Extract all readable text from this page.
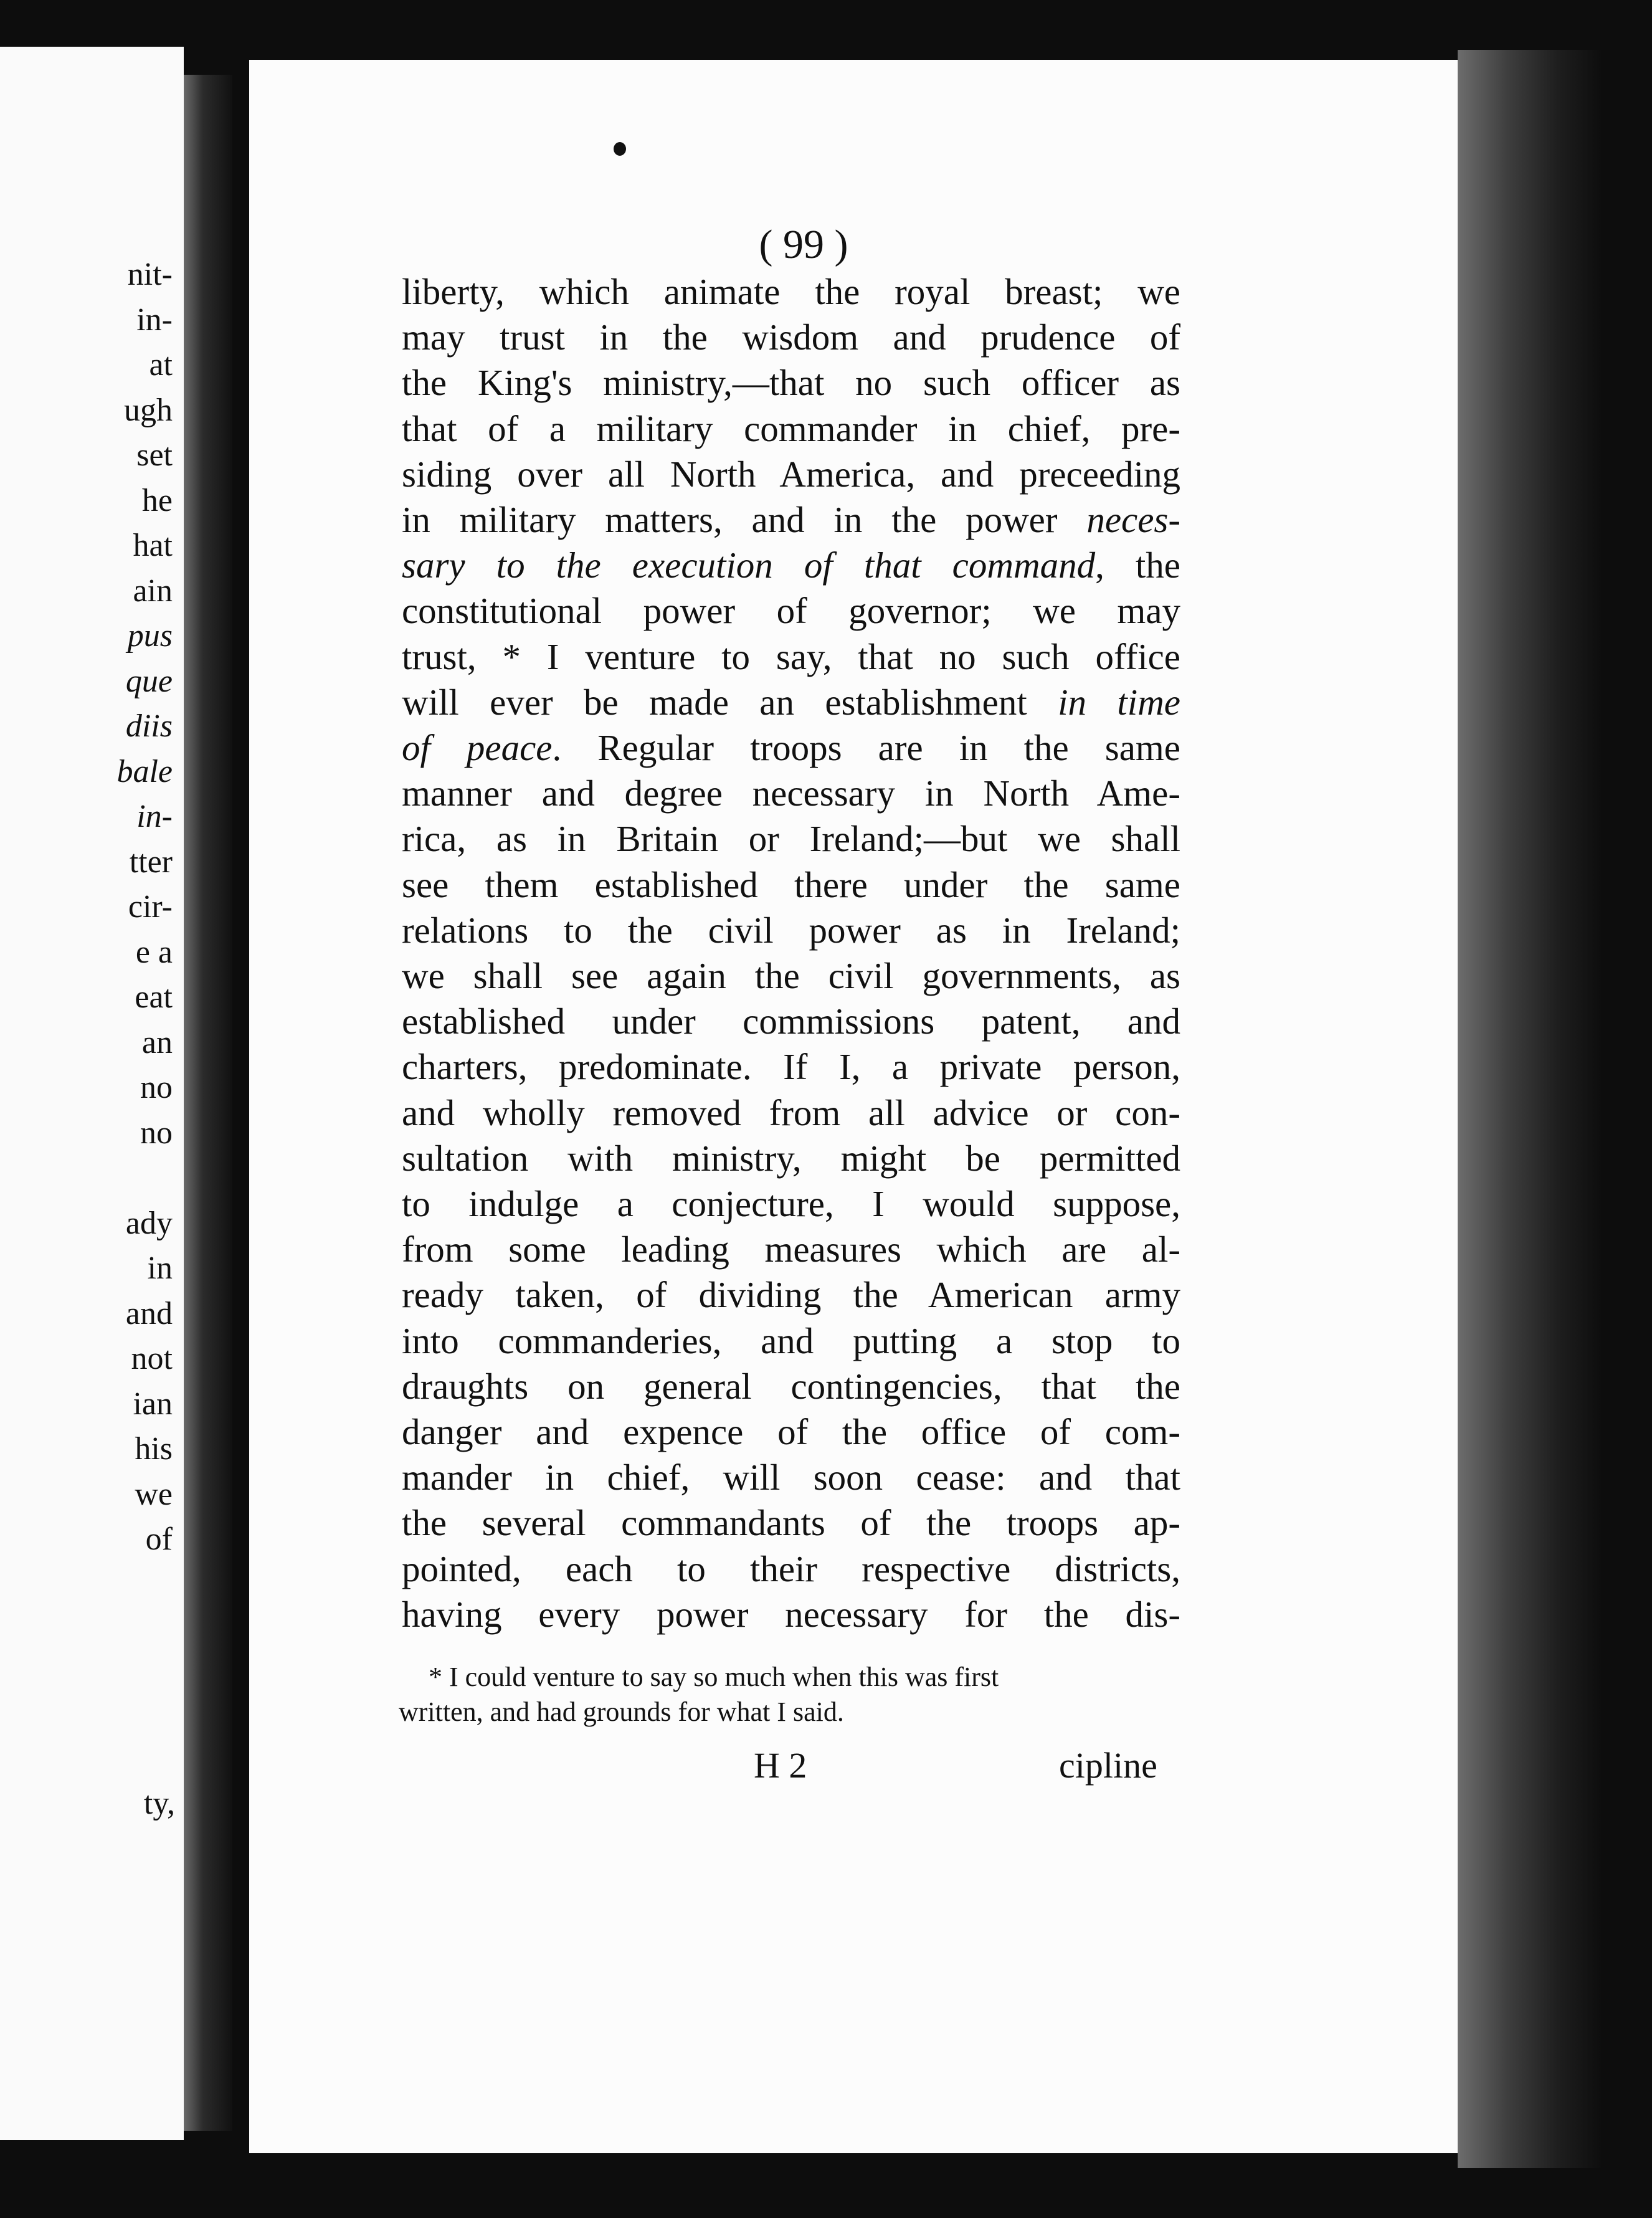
nit-
in-
at
ugh
set
he
hat
ain
pus
que
diis
bale
in-
tter
cir-
e a
eat
an
no
no

ady
in
and
not
ian
his
we
of
ty,
( 99 )
liberty, which animate the royal breast; we
may trust in the wisdom and prudence of
the King's ministry,—that no such officer as
that of a military commander in chief, pre-
siding over all North America, and preceeding
in military matters, and in the power neces-
sary to the execution of that command, the
constitutional power of governor; we may
trust, * I venture to say, that no such office
will ever be made an establishment in time
of peace. Regular troops are in the same
manner and degree necessary in North Ame-
rica, as in Britain or Ireland;—but we shall
see them established there under the same
relations to the civil power as in Ireland;
we shall see again the civil governments, as
established under commissions patent, and
charters, predominate. If I, a private person,
and wholly removed from all advice or con-
sultation with ministry, might be permitted
to indulge a conjecture, I would suppose,
from some leading measures which are al-
ready taken, of dividing the American army
into commanderies, and putting a stop to
draughts on general contingencies, that the
danger and expence of the office of com-
mander in chief, will soon cease: and that
the several commandants of the troops ap-
pointed, each to their respective districts,
having every power necessary for the dis-
* I could venture to say so much when this was first
written, and had grounds for what I said.
H 2	cipline
